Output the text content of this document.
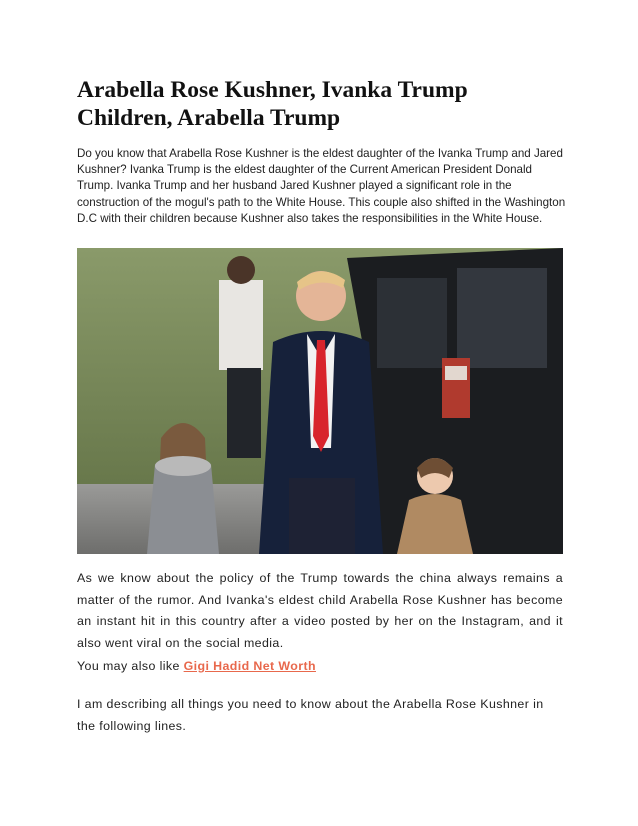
Arabella Rose Kushner, Ivanka Trump Children, Arabella Trump

Do you know that Arabella Rose Kushner is the eldest daughter of the Ivanka Trump and Jared Kushner? Ivanka Trump is the eldest daughter of the Current American President Donald Trump. Ivanka Trump and her husband Jared Kushner played a significant role in the construction of the mogul's path to the White House. This couple also shifted in the Washington D.C with their children because Kushner also takes the responsibilities in the White House.

As we know about the policy of the Trump towards the china always remains a matter of the rumor. And Ivanka's eldest child Arabella Rose Kushner has become an instant hit in this country after a video posted by her on the Instagram, and it also went viral on the social media.

You may also like Gigi Hadid Net Worth

I am describing all things you need to know about the Arabella Rose Kushner in the following lines.
